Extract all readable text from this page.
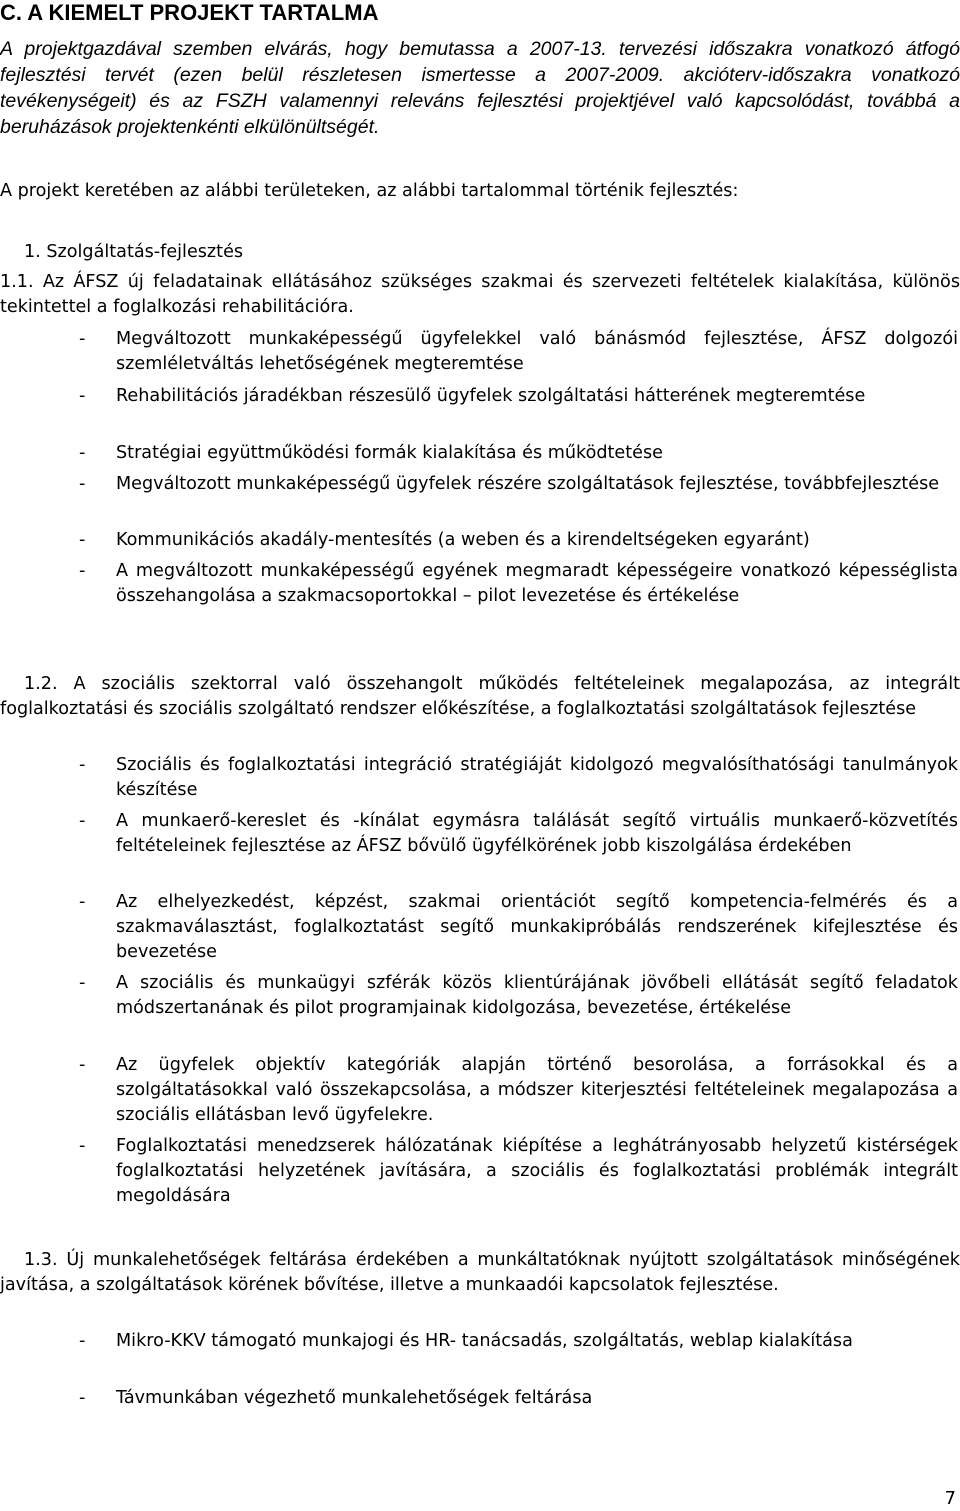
C. A KIEMELT PROJEKT TARTALMA

A projektgazdával szemben elvárás, hogy bemutassa a 2007-13. tervezési időszakra vonatkozó átfogó fejlesztési tervét (ezen belül részletesen ismertesse a 2007-2009. akcióterv-időszakra vonatkozó tevékenységeit) és az FSZH valamennyi releváns fejlesztési projektjével való kapcsolódást, továbbá a beruházások projektenkénti elkülönültségét.

A projekt keretében az alábbi területeken, az alábbi tartalommal történik fejlesztés:

1. Szolgáltatás-fejlesztés

1.1. Az ÁFSZ új feladatainak ellátásához szükséges szakmai és szervezeti feltételek kialakítása, különös tekintettel a foglalkozási rehabilitációra.

- Megváltozott munkaképességű ügyfelekkel való bánásmód fejlesztése, ÁFSZ dolgozói szemléletváltás lehetőségének megteremtése
- Rehabilitációs járadékban részesülő ügyfelek szolgáltatási hátterének megteremtése
- Stratégiai együttműködési formák kialakítása és működtetése
- Megváltozott munkaképességű ügyfelek részére szolgáltatások fejlesztése, továbbfejlesztése
- Kommunikációs akadály-mentesítés (a weben és a kirendeltségeken egyaránt)
- A megváltozott munkaképességű egyének megmaradt képességeire vonatkozó képességlista összehangolása a szakmacsoportokkal – pilot levezetése és értékelése

1.2. A szociális szektorral való összehangolt működés feltételeinek megalapozása, az integrált foglalkoztatási és szociális szolgáltató rendszer előkészítése, a foglalkoztatási szolgáltatások fejlesztése

- Szociális és foglalkoztatási integráció stratégiáját kidolgozó megvalósíthatósági tanulmányok készítése
- A munkaerő-kereslet és -kínálat egymásra találását segítő virtuális munkaerő-közvetítés feltételeinek fejlesztése az ÁFSZ bővülő ügyfélkörének jobb kiszolgálása érdekében
- Az elhelyezkedést, képzést, szakmai orientációt segítő kompetencia-felmérés és a szakmaválasztást, foglalkoztatást segítő munkakipróbálás rendszerének kifejlesztése és bevezetése
- A szociális és munkaügyi szférák közös klientúrájának jövőbeli ellátását segítő feladatok módszertanának és pilot programjainak kidolgozása, bevezetése, értékelése
- Az ügyfelek objektív kategóriák alapján történő besorolása, a forrásokkal és a szolgáltatásokkal való összekapcsolása, a módszer kiterjesztési feltételeinek megalapozása a szociális ellátásban levő ügyfelekre.
- Foglalkoztatási menedzserek hálózatának kiépítése a leghátrányosabb helyzetű kistérségek foglalkoztatási helyzetének javítására, a szociális és foglalkoztatási problémák integrált megoldására

1.3. Új munkalehetőségek feltárása érdekében a munkáltatóknak nyújtott szolgáltatások minőségének javítása, a szolgáltatások körének bővítése, illetve a munkaadói kapcsolatok fejlesztése.

- Mikro-KKV támogató munkajogi és HR- tanácsadás, szolgáltatás, weblap kialakítása
- Távmunkában végezhető munkalehetőségek feltárása
7
